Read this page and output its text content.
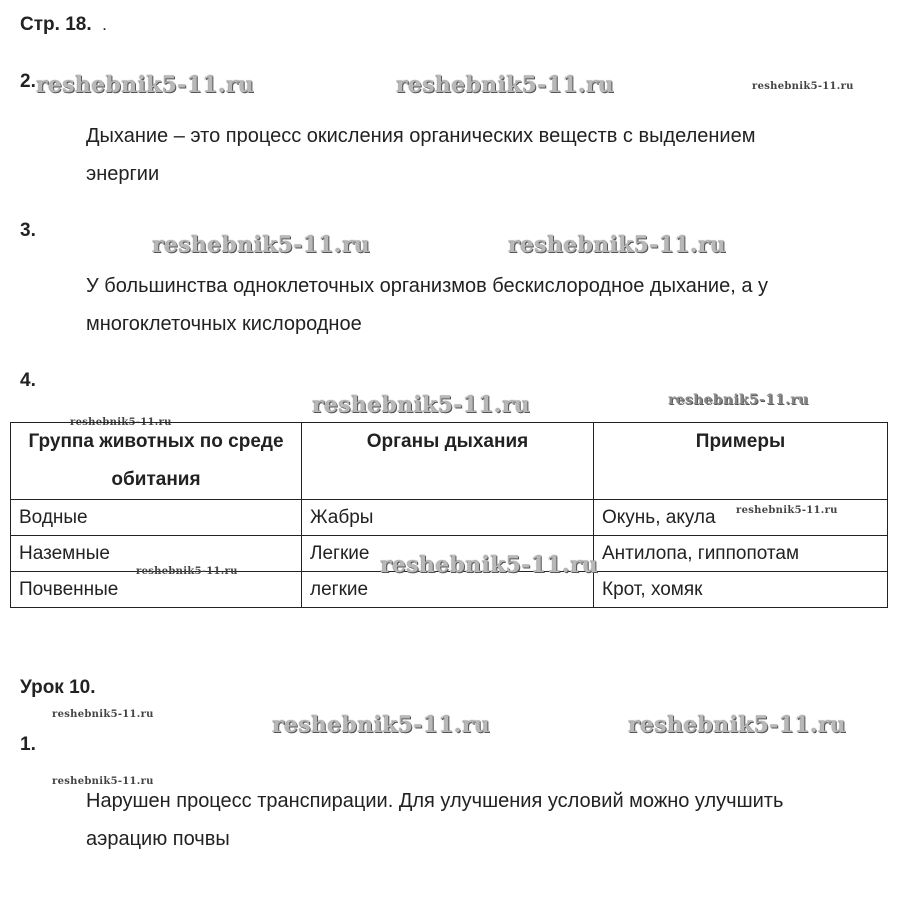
Стр. 18. .
2. reshebnik5-11.ru	reshebnik5-11.ru	reshebnik5-11.ru
Дыхание – это процесс окисления органических веществ с выделением
энергии
3.
reshebnik5-11.ru	reshebnik5-11.ru
У большинства одноклеточных организмов бескислородное дыхание, а у
многоклеточных кислородное
4.
reshebnik5-11.ru	reshebnik5-11.ru
reshebnik5-11.ru
Группа животных по среде обитания	Органы дыхания	Примеры
Водные	Жабры	Окунь, акула
Наземные	Легкие	Антилопа, гиппопотам
Почвенные	легкие	Крот, хомяк
reshebnik5-11.ru
reshebnik5-11.ru
reshebnik5-11.ru
Урок 10.
reshebnik5-11.ru	reshebnik5-11.ru	reshebnik5-11.ru
1.
reshebnik5-11.ru
Нарушен процесс транспирации. Для улучшения условий можно улучшить
аэрацию почвы
